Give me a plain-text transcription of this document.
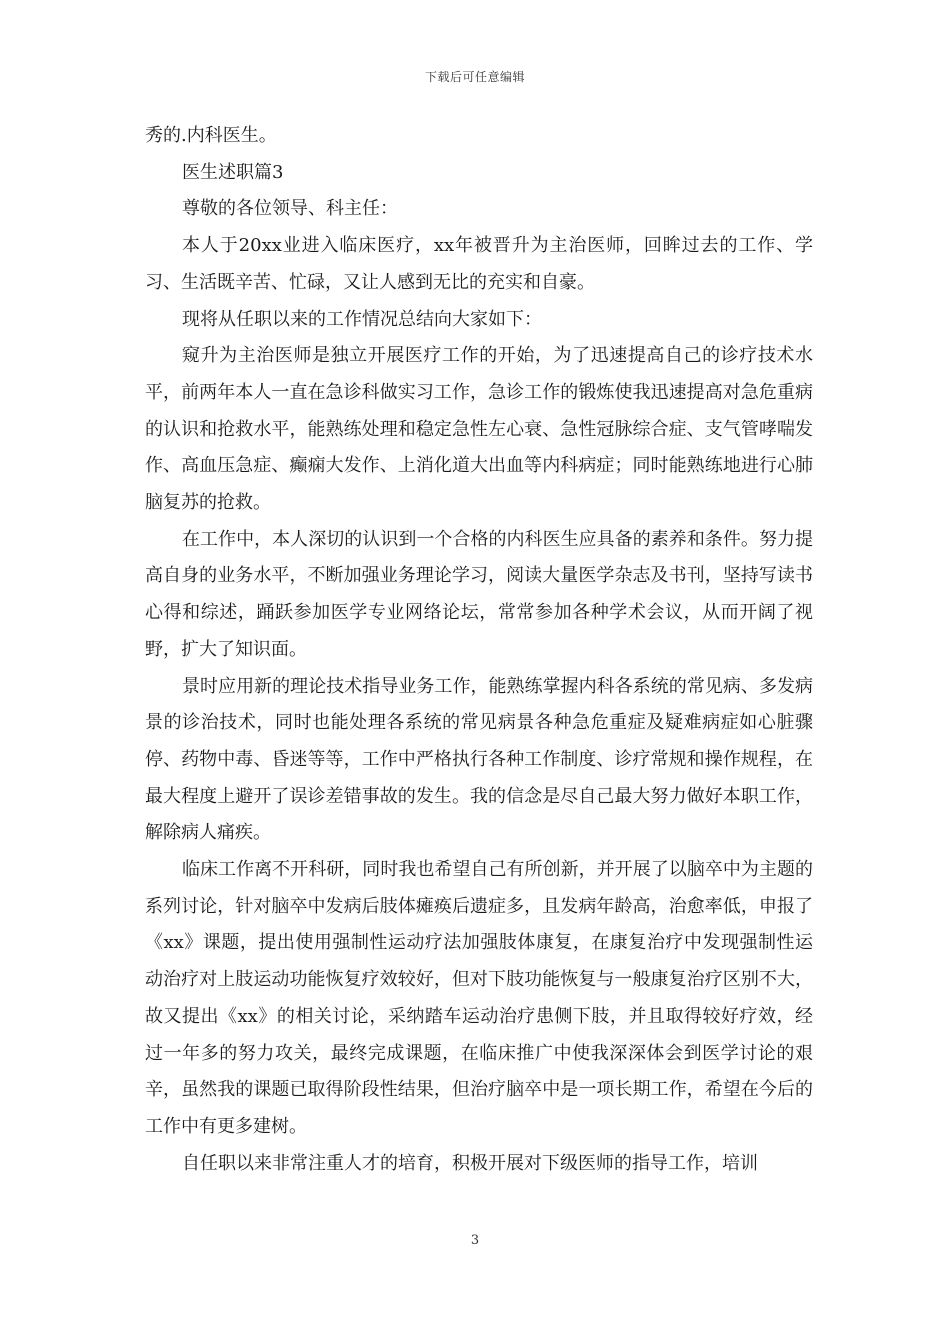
下载后可任意编辑

秀的.内科医生。

医生述职篇3

尊敬的各位领导、科主任：

本人于20xx业进入临床医疗，xx年被晋升为主治医师，回眸过去的工作、学习、生活既辛苦、忙碌，又让人感到无比的充实和自豪。

现将从任职以来的工作情况总结向大家如下：

窥升为主治医师是独立开展医疗工作的开始，为了迅速提高自己的诊疗技术水平，前两年本人一直在急诊科做实习工作，急诊工作的锻炼使我迅速提高对急危重病的认识和抢救水平，能熟练处理和稳定急性左心衰、急性冠脉综合症、支气管哮喘发作、高血压急症、癫痫大发作、上消化道大出血等内科病症；同时能熟练地进行心肺脑复苏的抢救。

在工作中，本人深切的认识到一个合格的内科医生应具备的素养和条件。努力提高自身的业务水平，不断加强业务理论学习，阅读大量医学杂志及书刊，坚持写读书心得和综述，踊跃参加医学专业网络论坛，常常参加各种学术会议，从而开阔了视野，扩大了知识面。

景时应用新的理论技术指导业务工作，能熟练掌握内科各系统的常见病、多发病景的诊治技术，同时也能处理各系统的常见病景各种急危重症及疑难病症如心脏骤停、药物中毒、昏迷等等，工作中严格执行各种工作制度、诊疗常规和操作规程，在最大程度上避开了误诊差错事故的发生。我的信念是尽自己最大努力做好本职工作，解除病人痛疾。

临床工作离不开科研，同时我也希望自己有所创新，并开展了以脑卒中为主题的系列讨论，针对脑卒中发病后肢体瘫痪后遗症多，且发病年龄高，治愈率低，申报了《xx》课题，提出使用强制性运动疗法加强肢体康复，在康复治疗中发现强制性运动治疗对上肢运动功能恢复疗效较好，但对下肢功能恢复与一般康复治疗区别不大，故又提出《xx》的相关讨论，采纳踏车运动治疗患侧下肢，并且取得较好疗效，经过一年多的努力攻关，最终完成课题，在临床推广中使我深深体会到医学讨论的艰辛，虽然我的课题已取得阶段性结果，但治疗脑卒中是一项长期工作，希望在今后的工作中有更多建树。

自任职以来非常注重人才的培育，积极开展对下级医师的指导工作，培训

3
